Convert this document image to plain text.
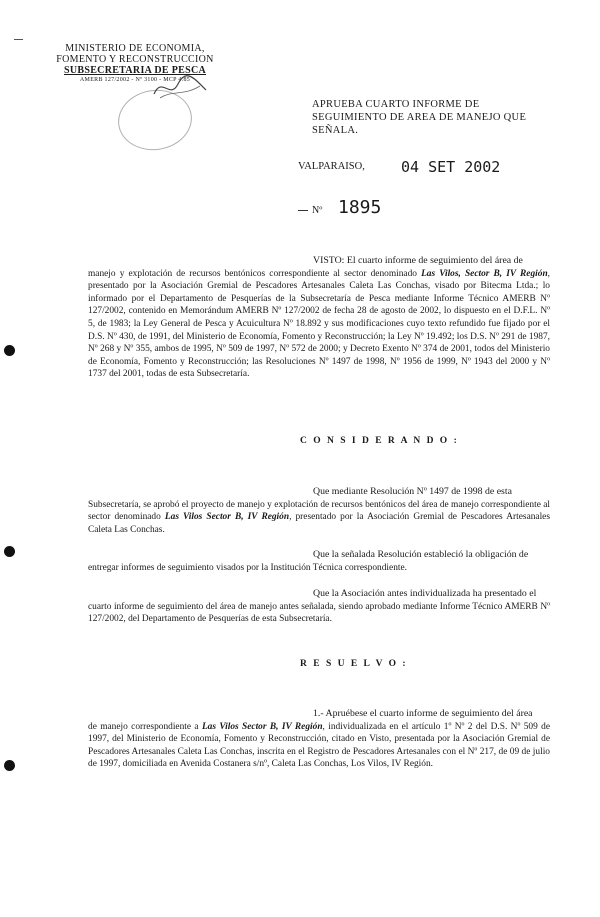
MINISTERIO DE ECONOMIA,
FOMENTO Y RECONSTRUCCION
SUBSECRETARIA DE PESCA
AMERB 127/2002 - Nº 3100 - MCP 4.85
APRUEBA CUARTO INFORME DE SEGUIMIENTO DE AREA DE MANEJO QUE SEÑALA.
VALPARAISO, 04 SET 2002
Nº 1895
VISTO: El cuarto informe de seguimiento del área de
manejo y explotación de recursos bentónicos correspondiente al sector denominado Las Vilos, Sector B, IV Región, presentado por la Asociación Gremial de Pescadores Artesanales Caleta Las Conchas, visado por Bitecma Ltda.; lo informado por el Departamento de Pesquerías de la Subsecretaría de Pesca mediante Informe Técnico AMERB Nº 127/2002, contenido en Memorándum AMERB Nº 127/2002 de fecha 28 de agosto de 2002, lo dispuesto en el D.F.L. Nº 5, de 1983; la Ley General de Pesca y Acuicultura Nº 18.892 y sus modificaciones cuyo texto refundido fue fijado por el D.S. Nº 430, de 1991, del Ministerio de Economía, Fomento y Reconstrucción; la Ley Nº 19.492; los D.S. Nº 291 de 1987, Nº 268 y Nº 355, ambos de 1995, Nº 509 de 1997, Nº 572 de 2000; y Decreto Exento Nº 374 de 2001, todos del Ministerio de Economía, Fomento y Reconstrucción; las Resoluciones Nº 1497 de 1998, Nº 1956 de 1999, Nº 1943 del 2000 y Nº 1737 del 2001, todas de esta Subsecretaría.
C O N S I D E R A N D O :
Que mediante Resolución Nº 1497 de 1998 de esta
Subsecretaría, se aprobó el proyecto de manejo y explotación de recursos bentónicos del área de manejo correspondiente al sector denominado Las Vilos Sector B, IV Región, presentado por la Asociación Gremial de Pescadores Artesanales Caleta Las Conchas.
Que la señalada Resolución estableció la obligación de
entregar informes de seguimiento visados por la Institución Técnica correspondiente.
Que la Asociación antes individualizada ha presentado el
cuarto informe de seguimiento del área de manejo antes señalada, siendo aprobado mediante Informe Técnico AMERB Nº 127/2002, del Departamento de Pesquerías de esta Subsecretaría.
R E S U E L V O :
1.- Apruébese el cuarto informe de seguimiento del área
de manejo correspondiente a Las Vilos Sector B, IV Región, individualizada en el artículo 1º Nº 2 del D.S. Nº 509 de 1997, del Ministerio de Economía, Fomento y Reconstrucción, citado en Visto, presentada por la Asociación Gremial de Pescadores Artesanales Caleta Las Conchas, inscrita en el Registro de Pescadores Artesanales con el Nº 217, de 09 de julio de 1997, domiciliada en Avenida Costanera s/nº, Caleta Las Conchas, Los Vilos, IV Región.
